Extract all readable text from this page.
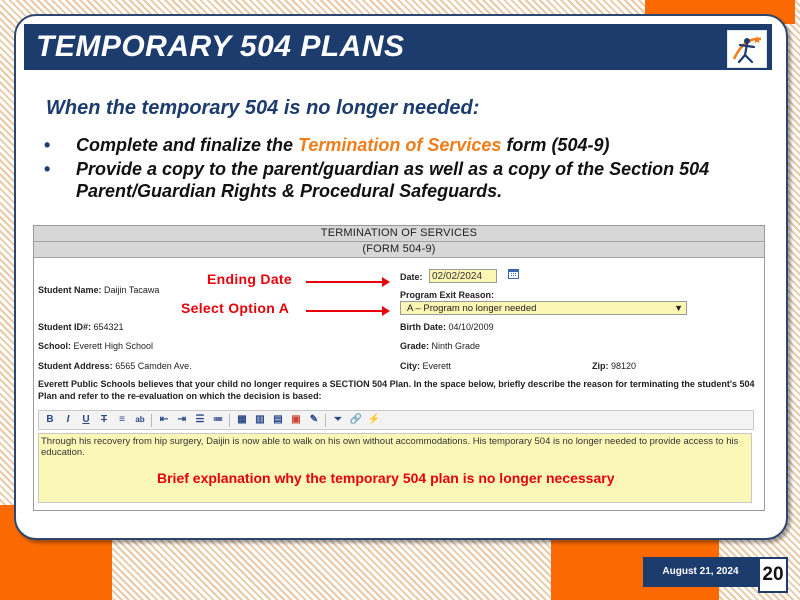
TEMPORARY 504 PLANS
When the temporary 504 is no longer needed:
• Complete and finalize the Termination of Services form (504-9)
• Provide a copy to the parent/guardian as well as a copy of the Section 504 Parent/Guardian Rights & Procedural Safeguards.
TERMINATION OF SERVICES
(FORM 504-9)
Student Name: Daijin Tacawa
Date: 02/02/2024
Program Exit Reason:
A – Program no longer needed	▼
Student ID#: 654321	Birth Date: 04/10/2009
School: Everett High School	Grade: Ninth Grade
Student Address: 6565 Camden Ave.	City: Everett	Zip: 98120
Everett Public Schools believes that your child no longer requires a SECTION 504 Plan. In the space below, briefly describe the reason for terminating the student's 504 Plan and refer to the re-evaluation on which the decision is based:
B	I	U	T	≡	ab ⇤ ⇥ ☰ ≔ ▦ ▥ ▤ ▣ ✎	⏷ 🔗 ⚡
Through his recovery from hip surgery, Daijin is now able to walk on his own without accommodations. His temporary 504 is no longer needed to provide access to his education.
Ending Date
Select Option A
Brief explanation why the temporary 504 plan is no longer necessary
August 21, 2024	20
